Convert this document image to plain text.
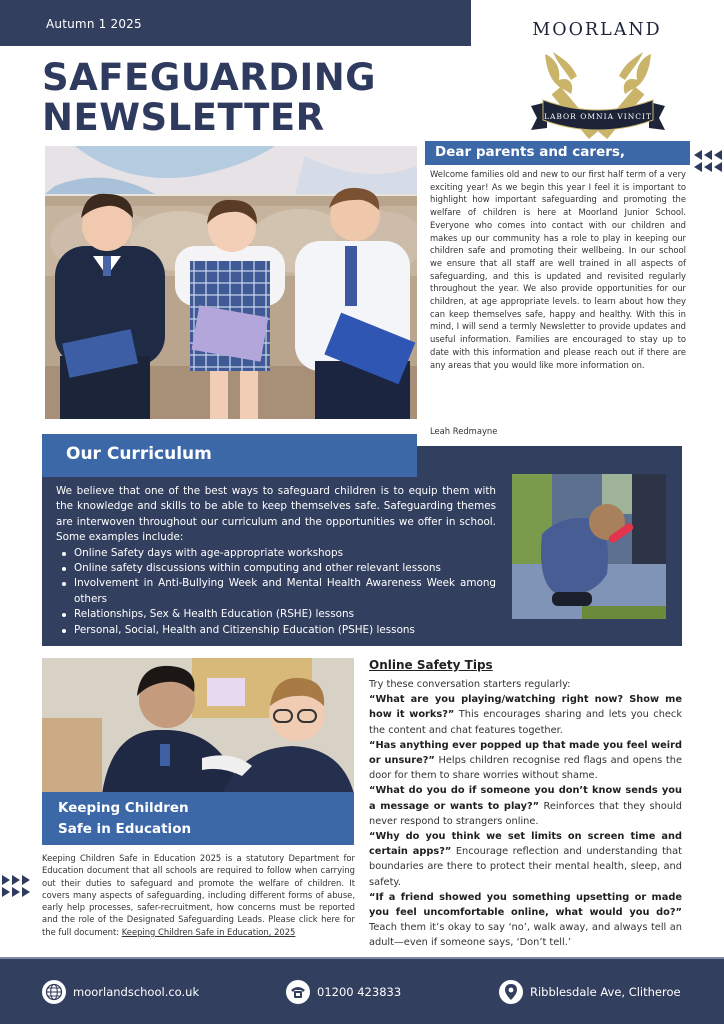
Autumn 1 2025
SAFEGUARDING
NEWSLETTER
MOORLAND
LABOR OMNIA VINCIT
Dear parents and carers,

Welcome families old and new to our first half term of a very exciting year! As we begin this year I feel it is important to highlight how important safeguarding and promoting the welfare of children is here at Moorland Junior School. Everyone who comes into contact with our children and makes up our community has a role to play in keeping our children safe and promoting their wellbeing. In our school we ensure that all staff are well trained in all aspects of safeguarding, and this is updated and revisited regularly throughout the year. We also provide opportunities for our children, at age appropriate levels. to learn about how they can keep themselves safe, happy and healthy. With this in mind, I will send a termly Newsletter to provide updates and useful information. Families are encouraged to stay up to date with this information and please reach out if there are any areas that you would like more information on.

Leah Redmayne

Our Curriculum

We believe that one of the best ways to safeguard children is to equip them with the knowledge and skills to be able to keep themselves safe. Safeguarding themes are interwoven throughout our curriculum and the opportunities we offer in school. Some examples include:

Online Safety days with age-appropriate workshops
Online safety discussions within computing and other relevant lessons
Involvement in Anti-Bullying Week and Mental Health Awareness Week among others
Relationships, Sex & Health Education (RSHE) lessons
Personal, Social, Health and Citizenship Education (PSHE) lessons
Keeping Children
Safe in Education

Keeping Children Safe in Education 2025 is a statutory Department for Education document that all schools are required to follow when carrying out their duties to safeguard and promote the welfare of children. It covers many aspects of safeguarding, including different forms of abuse, early help processes, safer-recruitment, how concerns must be reported and the role of the Designated Safeguarding Leads. Please click here for the full document: Keeping Children Safe in Education, 2025

Online Safety Tips

Try these conversation starters regularly:

“What are you playing/watching right now? Show me how it works?” This encourages sharing and lets you check the content and chat features together.

“Has anything ever popped up that made you feel weird or unsure?” Helps children recognise red flags and opens the door for them to share worries without shame.

“What do you do if someone you don’t know sends you a message or wants to play?” Reinforces that they should never respond to strangers online.

“Why do you think we set limits on screen time and certain apps?” Encourage reflection and understanding that boundaries are there to protect their mental health, sleep, and safety.

“If a friend showed you something upsetting or made you feel uncomfortable online, what would you do?” Teach them it’s okay to say ‘no’, walk away, and always tell an adult—even if someone says, ‘Don’t tell.’

moorlandschool.co.uk	01200 423833	Ribblesdale Ave, Clitheroe
